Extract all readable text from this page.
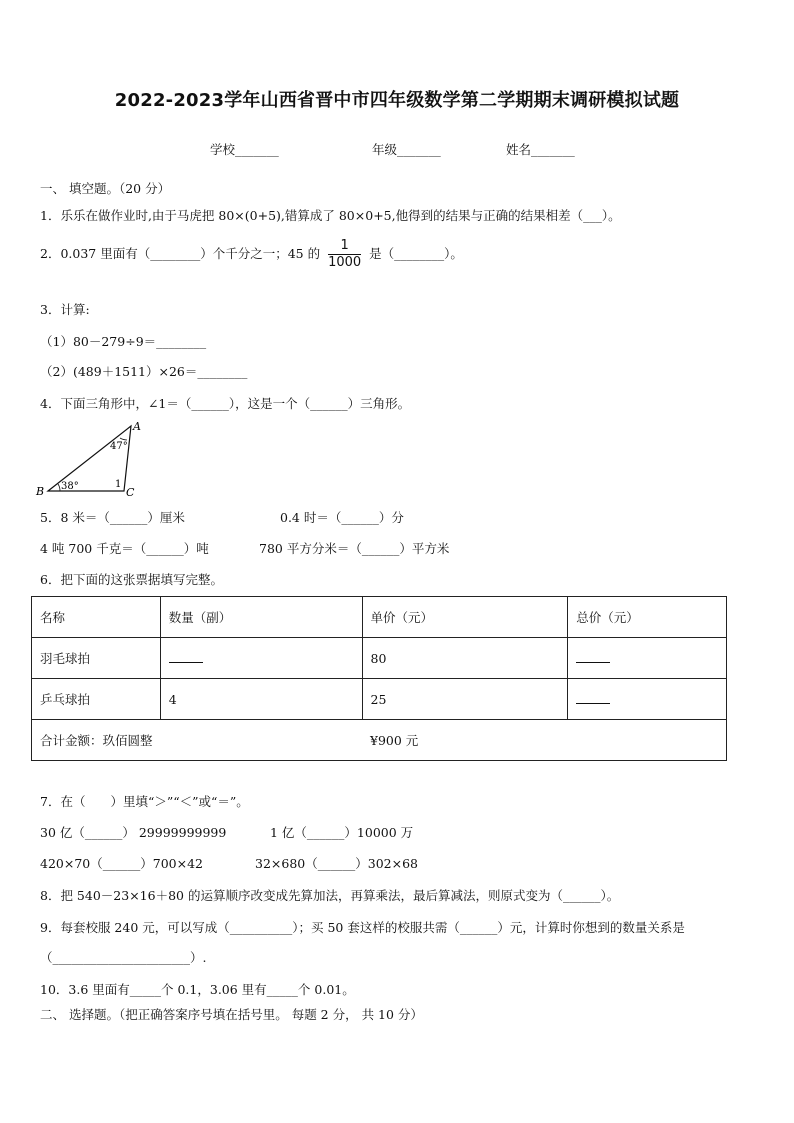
2022-2023学年山西省晋中市四年级数学第二学期期末调研模拟试题
学校_______	年级_______	姓名_______
一、 填空题。（20 分）
1．乐乐在做作业时,由于马虎把 80×(0+5),错算成了 80×0+5,他得到的结果与正确的结果相差（___）。
2．0.037 里面有（________）个千分之一；45 的 $\frac{1}{1000}$ 是（________）。
3．计算:
（1）80－279÷9＝________
（2）(489＋1511）×26＝________
4．下面三角形中，∠1＝（______），这是一个（______）三角形。
A
B	C
47°
38°	1
5．8 米＝（______）厘米	0.4 时＝（______）分
4 吨 700 千克＝（______）吨	780 平方分米＝（______）平方米
6．把下面的这张票据填写完整。
名称	数量（副）	单价（元）	总价（元）
羽毛球拍		80	
乒乓球拍	4	25	
合计金额：玖佰圆整		¥900 元	
7．在（　　）里填“＞”“＜”或“＝”。
30 亿（______） 29999999999	1 亿（______）10000 万
420×70（______）700×42	32×680（______）302×68
8．把 540－23×16＋80 的运算顺序改变成先算加法，再算乘法，最后算减法，则原式变为（______）。
9．每套校服 240 元，可以写成（__________）；买 50 套这样的校服共需（______）元，计算时你想到的数量关系是
（______________________）.
10．3.6 里面有_____个 0.1，3.06 里有_____个 0.01。
二、 选择题。（把正确答案序号填在括号里。 每题 2 分， 共 10 分）
